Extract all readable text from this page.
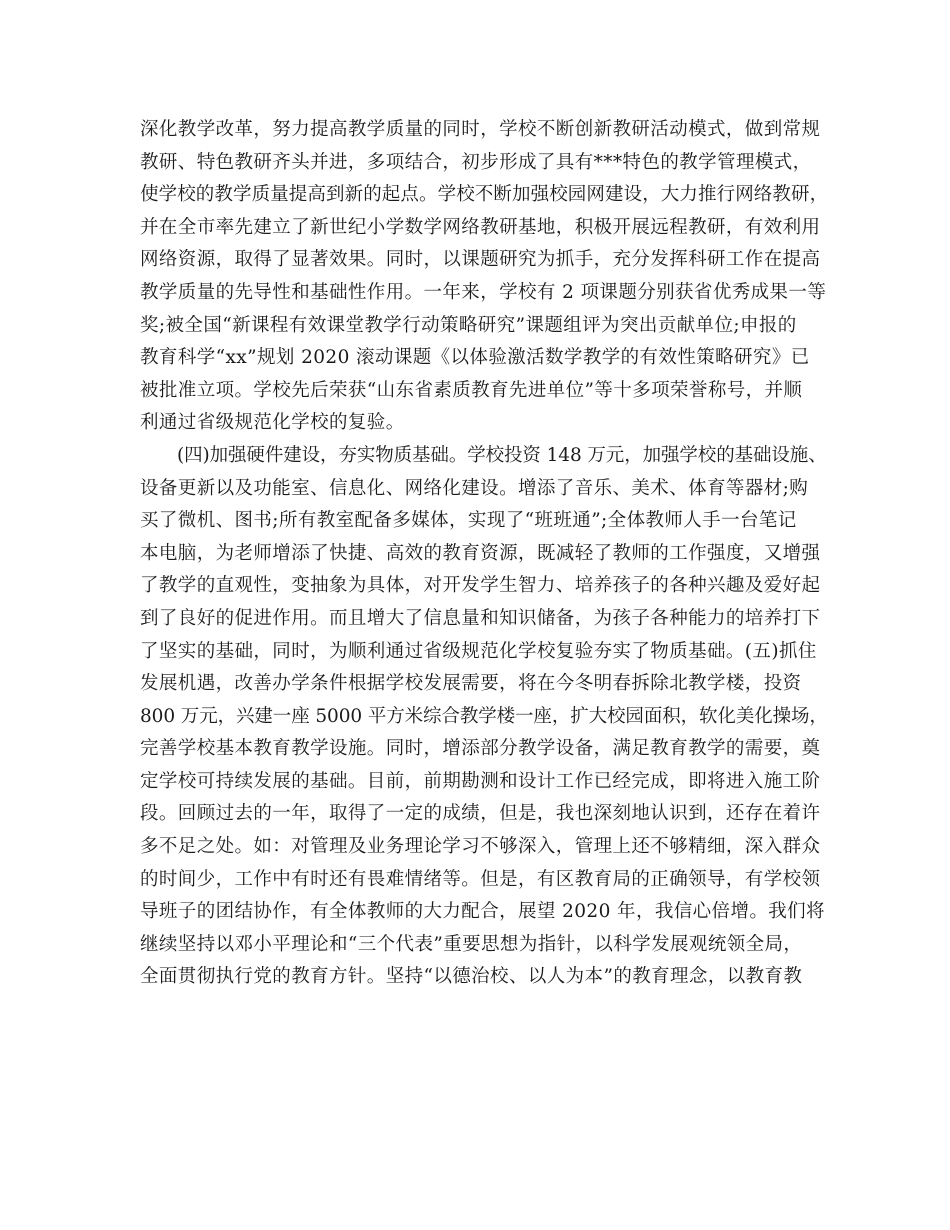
深化教学改革，努力提高教学质量的同时，学校不断创新教研活动模式，做到常规
教研、特色教研齐头并进，多项结合，初步形成了具有***特色的教学管理模式，
使学校的教学质量提高到新的起点。学校不断加强校园网建设，大力推行网络教研，
并在全市率先建立了新世纪小学数学网络教研基地，积极开展远程教研，有效利用
网络资源，取得了显著效果。同时，以课题研究为抓手，充分发挥科研工作在提高
教学质量的先导性和基础性作用。一年来，学校有 2 项课题分别获省优秀成果一等
奖;被全国“新课程有效课堂教学行动策略研究”课题组评为突出贡献单位;申报的
教育科学“xx”规划 2020 滚动课题《以体验激活数学教学的有效性策略研究》已
被批准立项。学校先后荣获“山东省素质教育先进单位”等十多项荣誉称号，并顺
利通过省级规范化学校的复验。
(四)加强硬件建设，夯实物质基础。学校投资 148 万元，加强学校的基础设施、
设备更新以及功能室、信息化、网络化建设。增添了音乐、美术、体育等器材;购
买了微机、图书;所有教室配备多媒体，实现了“班班通”;全体教师人手一台笔记
本电脑，为老师增添了快捷、高效的教育资源，既减轻了教师的工作强度，又增强
了教学的直观性，变抽象为具体，对开发学生智力、培养孩子的各种兴趣及爱好起
到了良好的促进作用。而且增大了信息量和知识储备，为孩子各种能力的培养打下
了坚实的基础，同时，为顺利通过省级规范化学校复验夯实了物质基础。(五)抓住
发展机遇，改善办学条件根据学校发展需要，将在今冬明春拆除北教学楼，投资
800 万元，兴建一座 5000 平方米综合教学楼一座，扩大校园面积，软化美化操场，
完善学校基本教育教学设施。同时，增添部分教学设备，满足教育教学的需要，奠
定学校可持续发展的基础。目前，前期勘测和设计工作已经完成，即将进入施工阶
段。回顾过去的一年，取得了一定的成绩，但是，我也深刻地认识到，还存在着许
多不足之处。如：对管理及业务理论学习不够深入，管理上还不够精细，深入群众
的时间少，工作中有时还有畏难情绪等。但是，有区教育局的正确领导，有学校领
导班子的团结协作，有全体教师的大力配合，展望 2020 年，我信心倍增。我们将
继续坚持以邓小平理论和“三个代表”重要思想为指针，以科学发展观统领全局，
全面贯彻执行党的教育方针。坚持“以德治校、以人为本”的教育理念，以教育教
